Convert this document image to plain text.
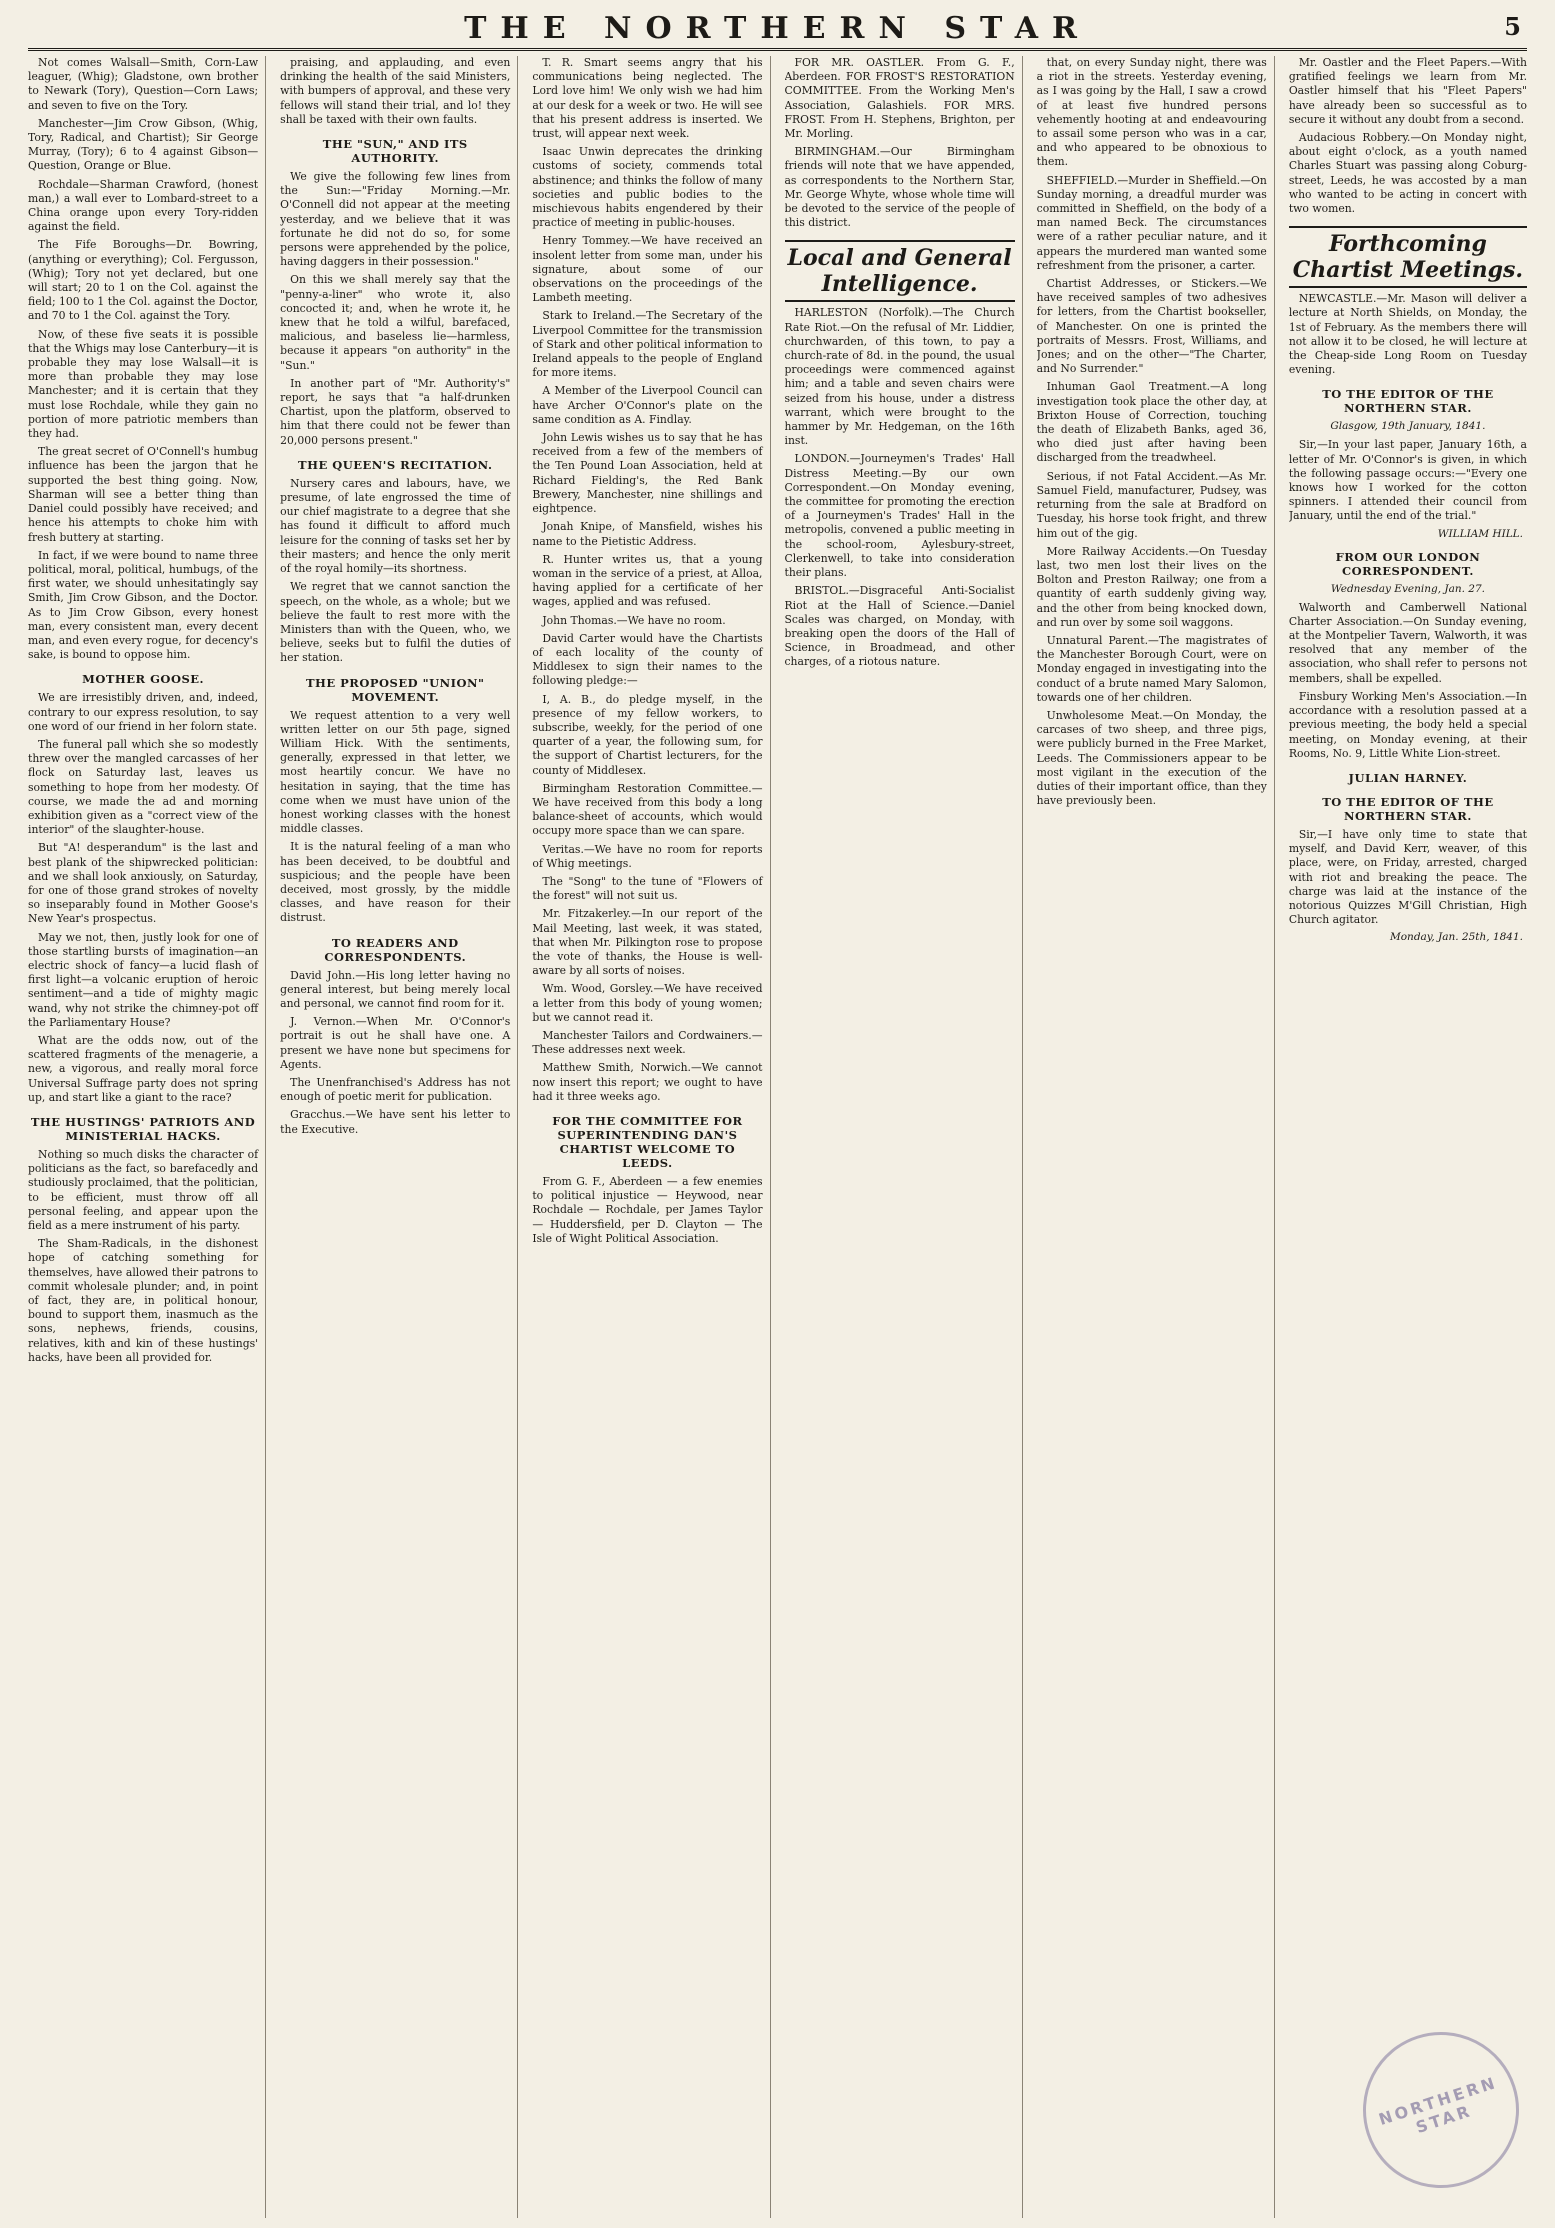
THE NORTHERN STAR	5
Not comes Walsall—Smith, Corn-Law leaguer, (Whig); Gladstone, own brother to Newark (Tory), Question—Corn Laws; and seven to five on the Tory.
Manchester—Jim Crow Gibson, (Whig, Tory, Radical, and Chartist); Sir George Murray, (Tory); 6 to 4 against Gibson—Question, Orange or Blue.
Rochdale—Sharman Crawford, (honest man,) a wall ever to Lombard-street to a China orange upon every Tory-ridden against the field.
The Fife Boroughs—Dr. Bowring, (anything or everything); Col. Fergusson, (Whig); Tory not yet declared, but one will start; 20 to 1 on the Col. against the field; 100 to 1 the Col. against the Doctor, and 70 to 1 the Col. against the Tory.
Now, of these five seats it is possible that the Whigs may lose Canterbury—it is probable they may lose Walsall—it is more than probable they may lose Manchester; and it is certain that they must lose Rochdale, while they gain no portion of more patriotic members than they had.
The great secret of O'Connell's humbug influence has been the jargon that he supported the best thing going. Now, Sharman will see a better thing than Daniel could possibly have received; and hence his attempts to choke him with fresh buttery at starting.
In fact, if we were bound to name three political, moral, political, humbugs, of the first water, we should unhesitatingly say Smith, Jim Crow Gibson, and the Doctor. As to Jim Crow Gibson, every honest man, every consistent man, every decent man, and even every rogue, for decency's sake, is bound to oppose him.
MOTHER GOOSE.
We are irresistibly driven, and, indeed, contrary to our express resolution, to say one word of our friend in her folorn state.
The funeral pall which she so modestly threw over the mangled carcasses of her flock on Saturday last, leaves us something to hope from her modesty. Of course, we made the ad and morning exhibition given as a "correct view of the interior" of the slaughter-house.
But "A! desperandum" is the last and best plank of the shipwrecked politician: and we shall look anxiously, on Saturday, for one of those grand strokes of novelty so inseparably found in Mother Goose's New Year's prospectus.
May we not, then, justly look for one of those startling bursts of imagination—an electric shock of fancy—a lucid flash of first light—a volcanic eruption of heroic sentiment—and a tide of mighty magic wand, why not strike the chimney-pot off the Parliamentary House?
What are the odds now, out of the scattered fragments of the menagerie, a new, a vigorous, and really moral force Universal Suffrage party does not spring up, and start like a giant to the race?
THE HUSTINGS' PATRIOTS AND MINISTERIAL HACKS.
Nothing so much disks the character of politicians as the fact, so barefacedly and studiously proclaimed, that the politician, to be efficient, must throw off all personal feeling, and appear upon the field as a mere instrument of his party.
The Sham-Radicals, in the dishonest hope of catching something for themselves, have allowed their patrons to commit wholesale plunder; and, in point of fact, they are, in political honour, bound to support them, inasmuch as the sons, nephews, friends, cousins, relatives, kith and kin of these hustings' hacks, have been all provided for.
praising, and applauding, and even drinking the health of the said Ministers, with bumpers of approval, and these very fellows will stand their trial, and lo! they shall be taxed with their own faults.
THE "SUN," AND ITS AUTHORITY.
We give the following few lines from the Sun:—"Friday Morning.—Mr. O'Connell did not appear at the meeting yesterday, and we believe that it was fortunate he did not do so, for some persons were apprehended by the police, having daggers in their possession."
On this we shall merely say that the "penny-a-liner" who wrote it, also concocted it; and, when he wrote it, he knew that he told a wilful, barefaced, malicious, and baseless lie—harmless, because it appears "on authority" in the "Sun."
In another part of "Mr. Authority's" report, he says that "a half-drunken Chartist, upon the platform, observed to him that there could not be fewer than 20,000 persons present."
THE QUEEN'S RECITATION.
Nursery cares and labours, have, we presume, of late engrossed the time of our chief magistrate to a degree that she has found it difficult to afford much leisure for the conning of tasks set her by their masters; and hence the only merit of the royal homily—its shortness.
We regret that we cannot sanction the speech, on the whole, as a whole; but we believe the fault to rest more with the Ministers than with the Queen, who, we believe, seeks but to fulfil the duties of her station.
THE PROPOSED "UNION" MOVEMENT.
We request attention to a very well written letter on our 5th page, signed William Hick. With the sentiments, generally, expressed in that letter, we most heartily concur. We have no hesitation in saying, that the time has come when we must have union of the honest working classes with the honest middle classes.
It is the natural feeling of a man who has been deceived, to be doubtful and suspicious; and the people have been deceived, most grossly, by the middle classes, and have reason for their distrust.
TO READERS AND CORRESPONDENTS.
David John.—His long letter having no general interest, but being merely local and personal, we cannot find room for it.
J. Vernon.—When Mr. O'Connor's portrait is out he shall have one. A present we have none but specimens for Agents.
The Unenfranchised's Address has not enough of poetic merit for publication.
Gracchus.—We have sent his letter to the Executive.
T. R. Smart seems angry that his communications being neglected. The Lord love him! We only wish we had him at our desk for a week or two. He will see that his present address is inserted. We trust, will appear next week.
Isaac Unwin deprecates the drinking customs of society, commends total abstinence; and thinks the follow of many societies and public bodies to the mischievous habits engendered by their practice of meeting in public-houses.
Henry Tommey.—We have received an insolent letter from some man, under his signature, about some of our observations on the proceedings of the Lambeth meeting.
Stark to Ireland.—The Secretary of the Liverpool Committee for the transmission of Stark and other political information to Ireland appeals to the people of England for more items.
A Member of the Liverpool Council can have Archer O'Connor's plate on the same condition as A. Findlay.
John Lewis wishes us to say that he has received from a few of the members of the Ten Pound Loan Association, held at Richard Fielding's, the Red Bank Brewery, Manchester, nine shillings and eightpence.
Jonah Knipe, of Mansfield, wishes his name to the Pietistic Address.
R. Hunter writes us, that a young woman in the service of a priest, at Alloa, having applied for a certificate of her wages, applied and was refused.
John Thomas.—We have no room.
David Carter would have the Chartists of each locality of the county of Middlesex to sign their names to the following pledge:—
I, A. B., do pledge myself, in the presence of my fellow workers, to subscribe, weekly, for the period of one quarter of a year, the following sum, for the support of Chartist lecturers, for the county of Middlesex.
Birmingham Restoration Committee.—We have received from this body a long balance-sheet of accounts, which would occupy more space than we can spare.
Veritas.—We have no room for reports of Whig meetings.
The "Song" to the tune of "Flowers of the forest" will not suit us.
Mr. Fitzakerley.—In our report of the Mail Meeting, last week, it was stated, that when Mr. Pilkington rose to propose the vote of thanks, the House is well-aware by all sorts of noises.
Wm. Wood, Gorsley.—We have received a letter from this body of young women; but we cannot read it.
Manchester Tailors and Cordwainers.—These addresses next week.
Matthew Smith, Norwich.—We cannot now insert this report; we ought to have had it three weeks ago.
FOR THE COMMITTEE FOR SUPERINTENDING DAN'S CHARTIST WELCOME TO LEEDS.
From G. F., Aberdeen — a few enemies to political injustice — Heywood, near Rochdale — Rochdale, per James Taylor — Huddersfield, per D. Clayton — The Isle of Wight Political Association.
FOR MR. OASTLER. From G. F., Aberdeen. FOR FROST'S RESTORATION COMMITTEE. From the Working Men's Association, Galashiels. FOR MRS. FROST. From H. Stephens, Brighton, per Mr. Morling.
BIRMINGHAM.—Our Birmingham friends will note that we have appended, as correspondents to the Northern Star, Mr. George Whyte, whose whole time will be devoted to the service of the people of this district.
Local and General Intelligence.
HARLESTON (Norfolk).—The Church Rate Riot.—On the refusal of Mr. Liddier, churchwarden, of this town, to pay a church-rate of 8d. in the pound, the usual proceedings were commenced against him; and a table and seven chairs were seized from his house, under a distress warrant, which were brought to the hammer by Mr. Hedgeman, on the 16th inst.
LONDON.—Journeymen's Trades' Hall Distress Meeting.—By our own Correspondent.—On Monday evening, the committee for promoting the erection of a Journeymen's Trades' Hall in the metropolis, convened a public meeting in the school-room, Aylesbury-street, Clerkenwell, to take into consideration their plans.
BRISTOL.—Disgraceful Anti-Socialist Riot at the Hall of Science.—Daniel Scales was charged, on Monday, with breaking open the doors of the Hall of Science, in Broadmead, and other charges, of a riotous nature.
that, on every Sunday night, there was a riot in the streets. Yesterday evening, as I was going by the Hall, I saw a crowd of at least five hundred persons vehemently hooting at and endeavouring to assail some person who was in a car, and who appeared to be obnoxious to them.
SHEFFIELD.—Murder in Sheffield.—On Sunday morning, a dreadful murder was committed in Sheffield, on the body of a man named Beck. The circumstances were of a rather peculiar nature, and it appears the murdered man wanted some refreshment from the prisoner, a carter.
Chartist Addresses, or Stickers.—We have received samples of two adhesives for letters, from the Chartist bookseller, of Manchester. On one is printed the portraits of Messrs. Frost, Williams, and Jones; and on the other—"The Charter, and No Surrender."
Inhuman Gaol Treatment.—A long investigation took place the other day, at Brixton House of Correction, touching the death of Elizabeth Banks, aged 36, who died just after having been discharged from the treadwheel.
Serious, if not Fatal Accident.—As Mr. Samuel Field, manufacturer, Pudsey, was returning from the sale at Bradford on Tuesday, his horse took fright, and threw him out of the gig.
More Railway Accidents.—On Tuesday last, two men lost their lives on the Bolton and Preston Railway; one from a quantity of earth suddenly giving way, and the other from being knocked down, and run over by some soil waggons.
Unnatural Parent.—The magistrates of the Manchester Borough Court, were on Monday engaged in investigating into the conduct of a brute named Mary Salomon, towards one of her children.
Unwholesome Meat.—On Monday, the carcases of two sheep, and three pigs, were publicly burned in the Free Market, Leeds. The Commissioners appear to be most vigilant in the execution of the duties of their important office, than they have previously been.
Mr. Oastler and the Fleet Papers.—With gratified feelings we learn from Mr. Oastler himself that his "Fleet Papers" have already been so successful as to secure it without any doubt from a second.
Audacious Robbery.—On Monday night, about eight o'clock, as a youth named Charles Stuart was passing along Coburg-street, Leeds, he was accosted by a man who wanted to be acting in concert with two women.
Forthcoming Chartist Meetings.
NEWCASTLE.—Mr. Mason will deliver a lecture at North Shields, on Monday, the 1st of February. As the members there will not allow it to be closed, he will lecture at the Cheap-side Long Room on Tuesday evening.
TO THE EDITOR OF THE NORTHERN STAR.
Glasgow, 19th January, 1841.
Sir,—In your last paper, January 16th, a letter of Mr. O'Connor's is given, in which the following passage occurs:—"Every one knows how I worked for the cotton spinners. I attended their council from January, until the end of the trial."
WILLIAM HILL.
FROM OUR LONDON CORRESPONDENT.
Wednesday Evening, Jan. 27.
Walworth and Camberwell National Charter Association.—On Sunday evening, at the Montpelier Tavern, Walworth, it was resolved that any member of the association, who shall refer to persons not members, shall be expelled.
Finsbury Working Men's Association.—In accordance with a resolution passed at a previous meeting, the body held a special meeting, on Monday evening, at their Rooms, No. 9, Little White Lion-street.
JULIAN HARNEY.
TO THE EDITOR OF THE NORTHERN STAR.
Sir,—I have only time to state that myself, and David Kerr, weaver, of this place, were, on Friday, arrested, charged with riot and breaking the peace. The charge was laid at the instance of the notorious Quizzes M'Gill Christian, High Church agitator.
Monday, Jan. 25th, 1841.
NORTHERN STAR
